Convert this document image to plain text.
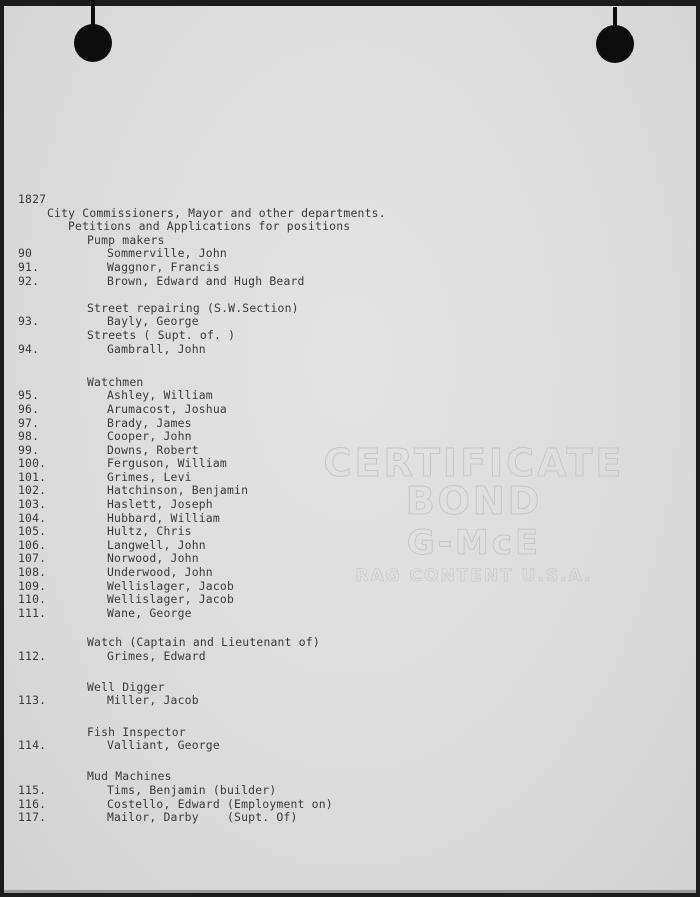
CERTIFICATE BOND
G-McE
RAG CONTENT U.S.A.
1827
City Commissioners, Mayor and other departments.
Petitions and Applications for positions
Pump makers
90	Sommerville, John
91.	Waggnor, Francis
92.	Brown, Edward and Hugh Beard
Street repairing (S.W.Section)
93.	Bayly, George
Streets ( Supt. of. )
94.	Gambrall, John
Watchmen
95.	Ashley, William
96.	Arumacost, Joshua
97.	Brady, James
98.	Cooper, John
99.	Downs, Robert
100.	Ferguson, William
101.	Grimes, Levi
102.	Hatchinson, Benjamin
103.	Haslett, Joseph
104.	Hubbard, William
105.	Hultz, Chris
106.	Langwell, John
107.	Norwood, John
108.	Underwood, John
109.	Wellislager, Jacob
110.	Wellislager, Jacob
111.	Wane, George
Watch (Captain and Lieutenant of)
112.	Grimes, Edward
Well Digger
113.	Miller, Jacob
Fish Inspector
114.	Valliant, George
Mud Machines
115.	Tims, Benjamin (builder)
116.	Costello, Edward (Employment on)
117.	Mailor, Darby    (Supt. Of)
